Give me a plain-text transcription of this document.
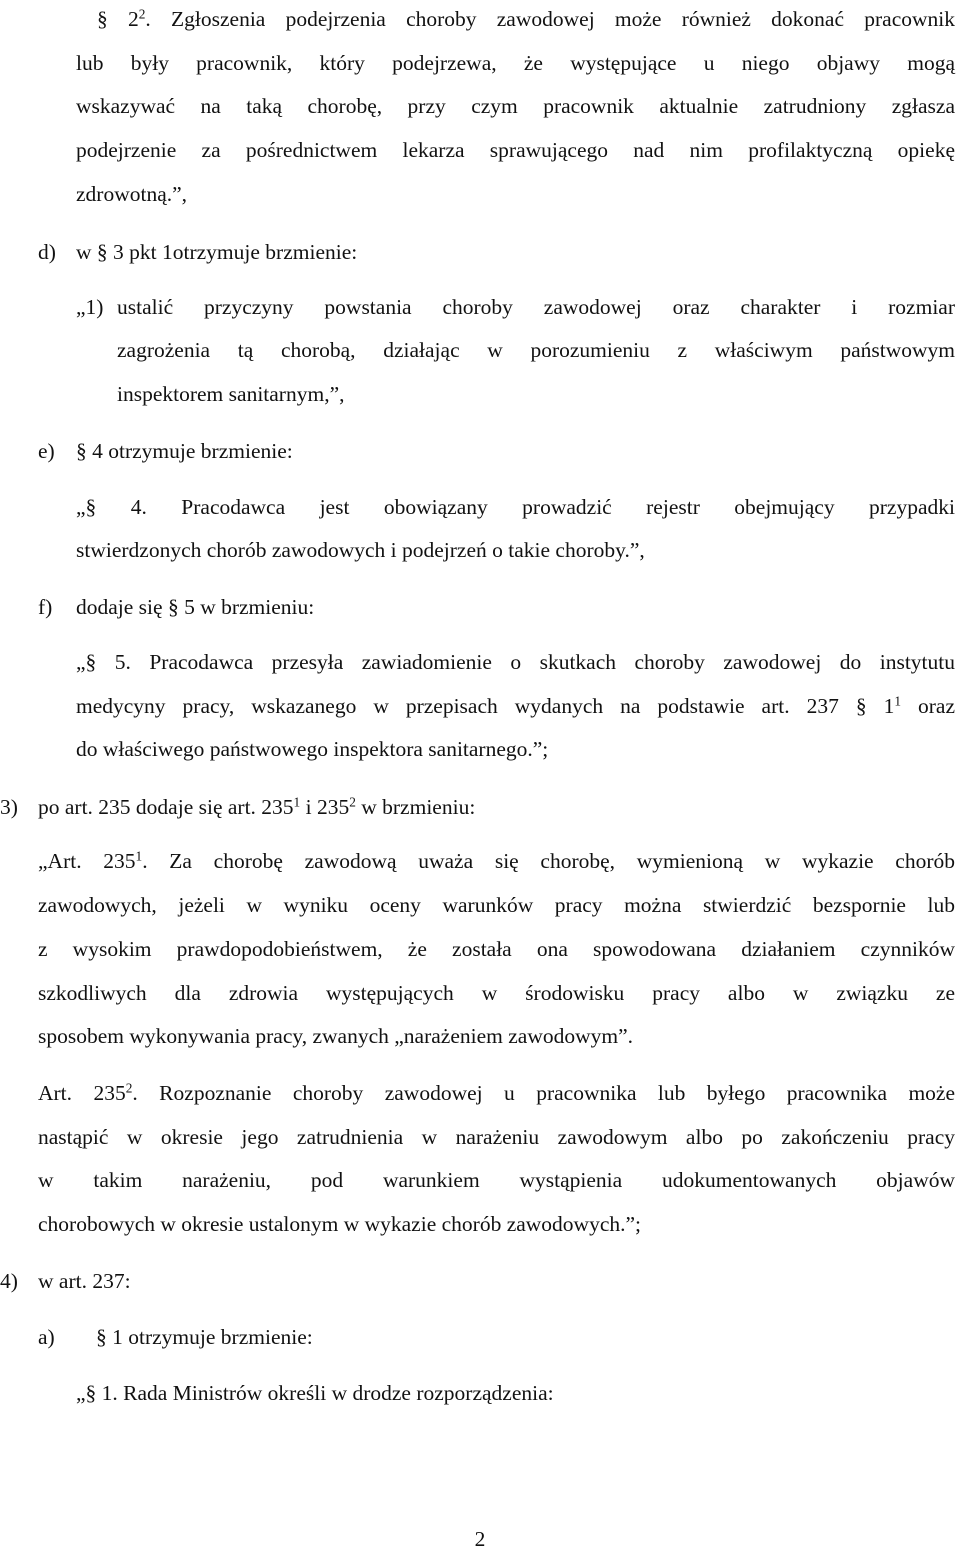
§ $2^2$. Zgłoszenia podejrzenia choroby zawodowej może również dokonać pracownik
lub były pracownik, który podejrzewa, że występujące u niego objawy mogą
wskazywać na taką chorobę, przy czym pracownik aktualnie zatrudniony zgłasza
podejrzenie za pośrednictwem lekarza sprawującego nad nim profilaktyczną opiekę
zdrowotną.”,
d) w § 3 pkt 1otrzymuje brzmienie:
„1) ustalić przyczyny powstania choroby zawodowej oraz charakter i rozmiar
zagrożenia tą chorobą, działając w porozumieniu z właściwym państwowym
inspektorem sanitarnym,”,
e) § 4 otrzymuje brzmienie:
„§ 4. Pracodawca jest obowiązany prowadzić rejestr obejmujący przypadki
stwierdzonych chorób zawodowych i podejrzeń o takie choroby.”,
f) dodaje się § 5 w brzmieniu:
„§ 5. Pracodawca przesyła zawiadomienie o skutkach choroby zawodowej do instytutu
medycyny pracy, wskazanego w przepisach wydanych na podstawie art. 237 § $1^1$ oraz
do właściwego państwowego inspektora sanitarnego.”;
3) po art. 235 dodaje się art. $235^1$ i $235^2$ w brzmieniu:
„Art. $235^1$. Za chorobę zawodową uważa się chorobę, wymienioną w wykazie chorób
zawodowych, jeżeli w wyniku oceny warunków pracy można stwierdzić bezspornie lub
z wysokim prawdopodobieństwem, że została ona spowodowana działaniem czynników
szkodliwych dla zdrowia występujących w środowisku pracy albo w związku ze
sposobem wykonywania pracy, zwanych „narażeniem zawodowym”.
Art. $235^2$. Rozpoznanie choroby zawodowej u pracownika lub byłego pracownika może
nastąpić w okresie jego zatrudnienia w narażeniu zawodowym albo po zakończeniu pracy
w takim narażeniu, pod warunkiem wystąpienia udokumentowanych objawów
chorobowych w okresie ustalonym w wykazie chorób zawodowych.”;
4) w art. 237:
a) § 1 otrzymuje brzmienie:
„§ 1. Rada Ministrów określi w drodze rozporządzenia:
2
